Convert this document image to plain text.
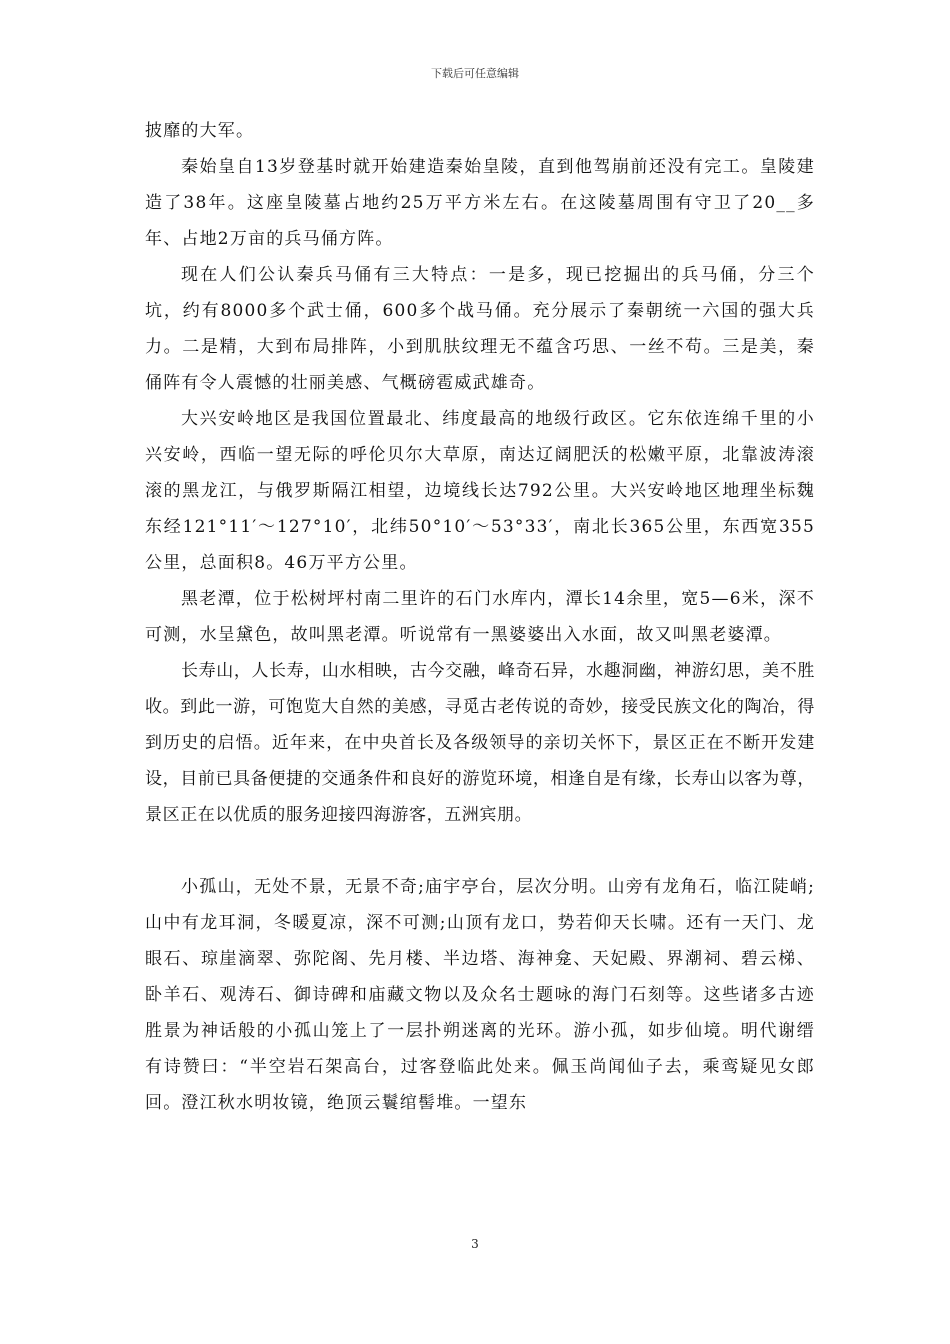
下载后可任意编辑

披靡的大军。

秦始皇自13岁登基时就开始建造秦始皇陵，直到他驾崩前还没有完工。皇陵建造了38年。这座皇陵墓占地约25万平方米左右。在这陵墓周围有守卫了20__多年、占地2万亩的兵马俑方阵。

现在人们公认秦兵马俑有三大特点：一是多，现已挖掘出的兵马俑，分三个坑，约有8000多个武士俑，600多个战马俑。充分展示了秦朝统一六国的强大兵力。二是精，大到布局排阵，小到肌肤纹理无不蕴含巧思、一丝不苟。三是美，秦俑阵有令人震憾的壮丽美感、气概磅雹威武雄奇。

大兴安岭地区是我国位置最北、纬度最高的地级行政区。它东依连绵千里的小兴安岭，西临一望无际的呼伦贝尔大草原，南达辽阔肥沃的松嫩平原，北靠波涛滚滚的黑龙江，与俄罗斯隔江相望，边境线长达792公里。大兴安岭地区地理坐标魏东经121°11′～127°10′，北纬50°10′～53°33′，南北长365公里，东西宽355公里，总面积8。46万平方公里。

黑老潭，位于松树坪村南二里许的石门水库内，潭长14余里，宽5—6米，深不可测，水呈黛色，故叫黑老潭。听说常有一黑婆婆出入水面，故又叫黑老婆潭。

长寿山，人长寿，山水相映，古今交融，峰奇石异，水趣洞幽，神游幻思，美不胜收。到此一游，可饱览大自然的美感，寻觅古老传说的奇妙，接受民族文化的陶冶，得到历史的启悟。近年来，在中央首长及各级领导的亲切关怀下，景区正在不断开发建设，目前已具备便捷的交通条件和良好的游览环境，相逢自是有缘，长寿山以客为尊，景区正在以优质的服务迎接四海游客，五洲宾朋。

小孤山，无处不景，无景不奇;庙宇亭台，层次分明。山旁有龙角石，临江陡峭;山中有龙耳洞，冬暖夏凉，深不可测;山顶有龙口，势若仰天长啸。还有一天门、龙眼石、琼崖滴翠、弥陀阁、先月楼、半边塔、海神龛、天妃殿、界潮祠、碧云梯、卧羊石、观涛石、御诗碑和庙藏文物以及众名士题咏的海门石刻等。这些诸多古迹胜景为神话般的小孤山笼上了一层扑朔迷离的光环。游小孤，如步仙境。明代谢缙有诗赞曰：“半空岩石架高台，过客登临此处来。佩玉尚闻仙子去，乘鸾疑见女郎回。澄江秋水明妆镜，绝顶云鬟绾髻堆。一望东

3
